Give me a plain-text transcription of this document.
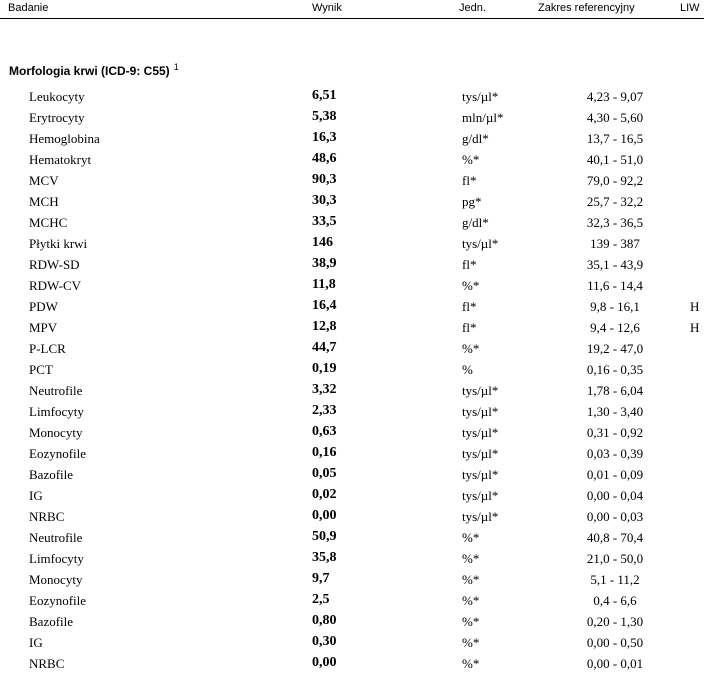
Badanie	Wynik	Jedn.	Zakres referencyjny	LIW
Morfologia krwi (ICD-9: C55) $^1$
Leukocyty	6,51	tys/µl*	4,23 - 9,07
Erytrocyty	5,38	mln/µl*	4,30 - 5,60
Hemoglobina	16,3	g/dl*	13,7 - 16,5
Hematokryt	48,6	%*	40,1 - 51,0
MCV	90,3	fl*	79,0 - 92,2
MCH	30,3	pg*	25,7 - 32,2
MCHC	33,5	g/dl*	32,3 - 36,5
Płytki krwi	146	tys/µl*	139 - 387
RDW-SD	38,9	fl*	35,1 - 43,9
RDW-CV	11,8	%*	11,6 - 14,4
PDW	16,4	fl*	9,8 - 16,1	H
MPV	12,8	fl*	9,4 - 12,6	H
P-LCR	44,7	%*	19,2 - 47,0
PCT	0,19	%	0,16 - 0,35
Neutrofile	3,32	tys/µl*	1,78 - 6,04
Limfocyty	2,33	tys/µl*	1,30 - 3,40
Monocyty	0,63	tys/µl*	0,31 - 0,92
Eozynofile	0,16	tys/µl*	0,03 - 0,39
Bazofile	0,05	tys/µl*	0,01 - 0,09
IG	0,02	tys/µl*	0,00 - 0,04
NRBC	0,00	tys/µl*	0,00 - 0,03
Neutrofile	50,9	%*	40,8 - 70,4
Limfocyty	35,8	%*	21,0 - 50,0
Monocyty	9,7	%*	5,1 - 11,2
Eozynofile	2,5	%*	0,4 - 6,6
Bazofile	0,80	%*	0,20 - 1,30
IG	0,30	%*	0,00 - 0,50
NRBC	0,00	%*	0,00 - 0,01
